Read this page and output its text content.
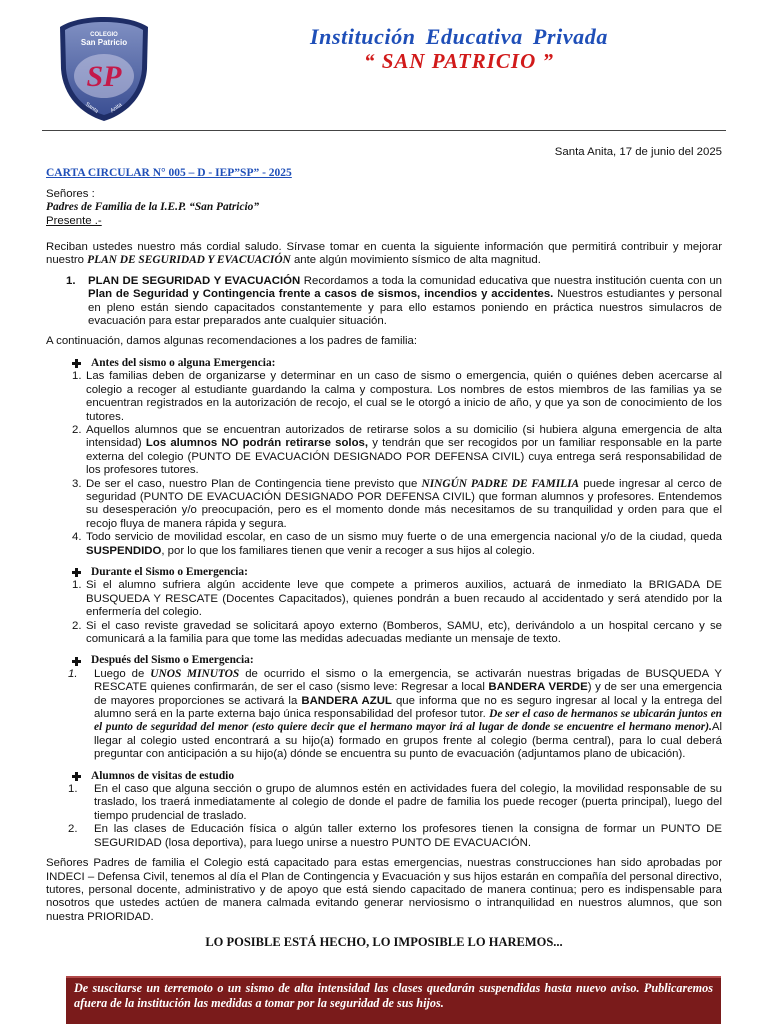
COLEGIO
San Patricio
SP
Santa Anita
Institución Educativa Privada
“ SAN PATRICIO ”
Santa Anita, 17 de junio del 2025
CARTA CIRCULAR N° 005 – D - IEP”SP” - 2025
Señores :
Padres de Familia de la I.E.P. “San Patricio”
Presente .-
Reciban ustedes nuestro más cordial saludo. Sírvase tomar en cuenta la siguiente información que permitirá contribuir y mejorar nuestro PLAN DE SEGURIDAD Y EVACUACIÓN ante algún movimiento sísmico de alta magnitud.
1.	PLAN DE SEGURIDAD Y EVACUACIÓN Recordamos a toda la comunidad educativa que nuestra institución cuenta con un Plan de Seguridad y Contingencia frente a casos de sismos, incendios y accidentes. Nuestros estudiantes y personal en pleno están siendo capacitados constantemente y para ello estamos poniendo en práctica nuestros simulacros de evacuación para estar preparados ante cualquier situación.
A continuación, damos algunas recomendaciones a los padres de familia:
Antes del sismo o alguna Emergencia:
1. Las familias deben de organizarse y determinar en un caso de sismo o emergencia, quién o quiénes deben acercarse al colegio a recoger al estudiante guardando la calma y compostura. Los nombres de estos miembros de las familias ya se encuentran registrados en la autorización de recojo, el cual se le otorgó a inicio de año, y que ya son de conocimiento de los tutores.
2. Aquellos alumnos que se encuentran autorizados de retirarse solos a su domicilio (si hubiera alguna emergencia de alta intensidad) Los alumnos NO podrán retirarse solos, y tendrán que ser recogidos por un familiar responsable en la parte externa del colegio (PUNTO DE EVACUACIÓN DESIGNADO POR DEFENSA CIVIL) cuya entrega será responsabilidad de los profesores tutores.
3. De ser el caso, nuestro Plan de Contingencia tiene previsto que NINGÚN PADRE DE FAMILIA puede ingresar al cerco de seguridad (PUNTO DE EVACUACIÓN DESIGNADO POR DEFENSA CIVIL) que forman alumnos y profesores. Entendemos su desesperación y/o preocupación, pero es el momento donde más necesitamos de su tranquilidad y orden para que el recojo fluya de manera rápida y segura.
4. Todo servicio de movilidad escolar, en caso de un sismo muy fuerte o de una emergencia nacional y/o de la ciudad, queda SUSPENDIDO, por lo que los familiares tienen que venir a recoger a sus hijos al colegio.
Durante el Sismo o Emergencia:
1. Si el alumno sufriera algún accidente leve que compete a primeros auxilios, actuará de inmediato la BRIGADA DE BUSQUEDA Y RESCATE (Docentes Capacitados), quienes pondrán a buen recaudo al accidentado y será atendido por la enfermería del colegio.
2. Si el caso reviste gravedad se solicitará apoyo externo (Bomberos, SAMU, etc), derivándolo a un hospital cercano y se comunicará a la familia para que tome las medidas adecuadas mediante un mensaje de texto.
Después del Sismo o Emergencia:
1.	Luego de UNOS MINUTOS de ocurrido el sismo o la emergencia, se activarán nuestras brigadas de BUSQUEDA Y RESCATE quienes confirmarán, de ser el caso (sismo leve: Regresar a local BANDERA VERDE) y de ser una emergencia de mayores proporciones se activará la BANDERA AZUL que informa que no es seguro ingresar al local y la entrega del alumno será en la parte externa bajo única responsabilidad del profesor tutor. De ser el caso de hermanos se ubicarán juntos en el punto de seguridad del menor (esto quiere decir que el hermano mayor irá al lugar de donde se encuentre el hermano menor).Al llegar al colegio usted encontrará a su hijo(a) formado en grupos frente al colegio (berma central), para lo cual deberá preguntar con anticipación a su hijo(a) dónde se encuentra su punto de evacuación (adjuntamos plano de ubicación).
Alumnos de visitas de estudio
1.	En el caso que alguna sección o grupo de alumnos estén en actividades fuera del colegio, la movilidad responsable de su traslado, los traerá inmediatamente al colegio de donde el padre de familia los puede recoger (puerta principal), luego del tiempo prudencial de traslado.
2.	En las clases de Educación física o algún taller externo los profesores tienen la consigna de formar un PUNTO DE SEGURIDAD (losa deportiva), para luego unirse a nuestro PUNTO DE EVACUACIÓN.
Señores Padres de familia el Colegio está capacitado para estas emergencias, nuestras construcciones han sido aprobadas por INDECI – Defensa Civil, tenemos al día el Plan de Contingencia y Evacuación y sus hijos estarán en compañía del personal directivo, tutores, personal docente, administrativo y de apoyo que está siendo capacitado de manera continua; pero es indispensable para nosotros que ustedes actúen de manera calmada evitando generar nerviosismo o intranquilidad en nuestros alumnos, que son nuestra PRIORIDAD.
LO POSIBLE ESTÁ HECHO, LO IMPOSIBLE LO HAREMOS...
De suscitarse un terremoto o un sismo de alta intensidad las clases quedarán suspendidas hasta nuevo aviso. Publicaremos afuera de la institución las medidas a tomar por la seguridad de sus hijos.
